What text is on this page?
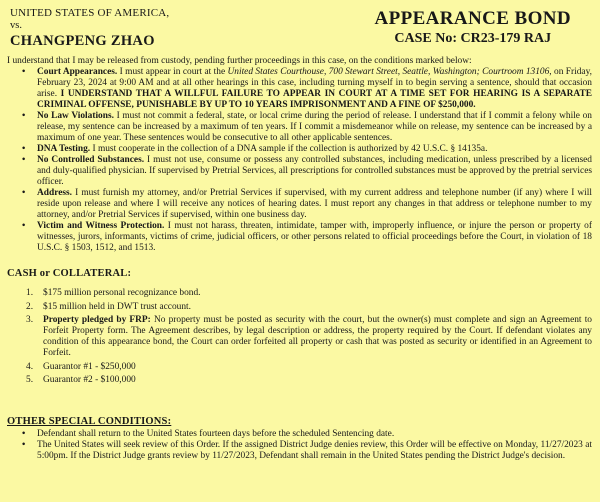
UNITED STATES OF AMERICA,
vs.
CHANGPENG ZHAO
APPEARANCE BOND
CASE No: CR23-179 RAJ
I understand that I may be released from custody, pending further proceedings in this case, on the conditions marked below:
•	Court Appearances. I must appear in court at the United States Courthouse, 700 Stewart Street, Seattle, Washington; Courtroom 13106, on Friday, February 23, 2024 at 9:00 AM and at all other hearings in this case, including turning myself in to begin serving a sentence, should that occasion arise. I UNDERSTAND THAT A WILLFUL FAILURE TO APPEAR IN COURT AT A TIME SET FOR HEARING IS A SEPARATE CRIMINAL OFFENSE, PUNISHABLE BY UP TO 10 YEARS IMPRISONMENT AND A FINE OF $250,000.
•	No Law Violations. I must not commit a federal, state, or local crime during the period of release. I understand that if I commit a felony while on release, my sentence can be increased by a maximum of ten years. If I commit a misdemeanor while on release, my sentence can be increased by a maximum of one year. These sentences would be consecutive to all other applicable sentences.
•	DNA Testing. I must cooperate in the collection of a DNA sample if the collection is authorized by 42 U.S.C. § 14135a.
•	No Controlled Substances. I must not use, consume or possess any controlled substances, including medication, unless prescribed by a licensed and duly-qualified physician. If supervised by Pretrial Services, all prescriptions for controlled substances must be approved by the pretrial services officer.
•	Address. I must furnish my attorney, and/or Pretrial Services if supervised, with my current address and telephone number (if any) where I will reside upon release and where I will receive any notices of hearing dates. I must report any changes in that address or telephone number to my attorney, and/or Pretrial Services if supervised, within one business day.
•	Victim and Witness Protection. I must not harass, threaten, intimidate, tamper with, improperly influence, or injure the person or property of witnesses, jurors, informants, victims of crime, judicial officers, or other persons related to official proceedings before the Court, in violation of 18 U.S.C. § 1503, 1512, and 1513.
CASH or COLLATERAL:
1.	$175 million personal recognizance bond.
2.	$15 million held in DWT trust account.
3.	Property pledged by FRP: No property must be posted as security with the court, but the owner(s) must complete and sign an Agreement to Forfeit Property form. The Agreement describes, by legal description or address, the property required by the Court. If defendant violates any condition of this appearance bond, the Court can order forfeited all property or cash that was posted as security or identified in an Agreement to Forfeit.
4.	Guarantor #1 - $250,000
5.	Guarantor #2 - $100,000
OTHER SPECIAL CONDITIONS:
•	Defendant shall return to the United States fourteen days before the scheduled Sentencing date.
•	The United States will seek review of this Order. If the assigned District Judge denies review, this Order will be effective on Monday, 11/27/2023 at 5:00pm. If the District Judge grants review by 11/27/2023, Defendant shall remain in the United States pending the District Judge's decision.
